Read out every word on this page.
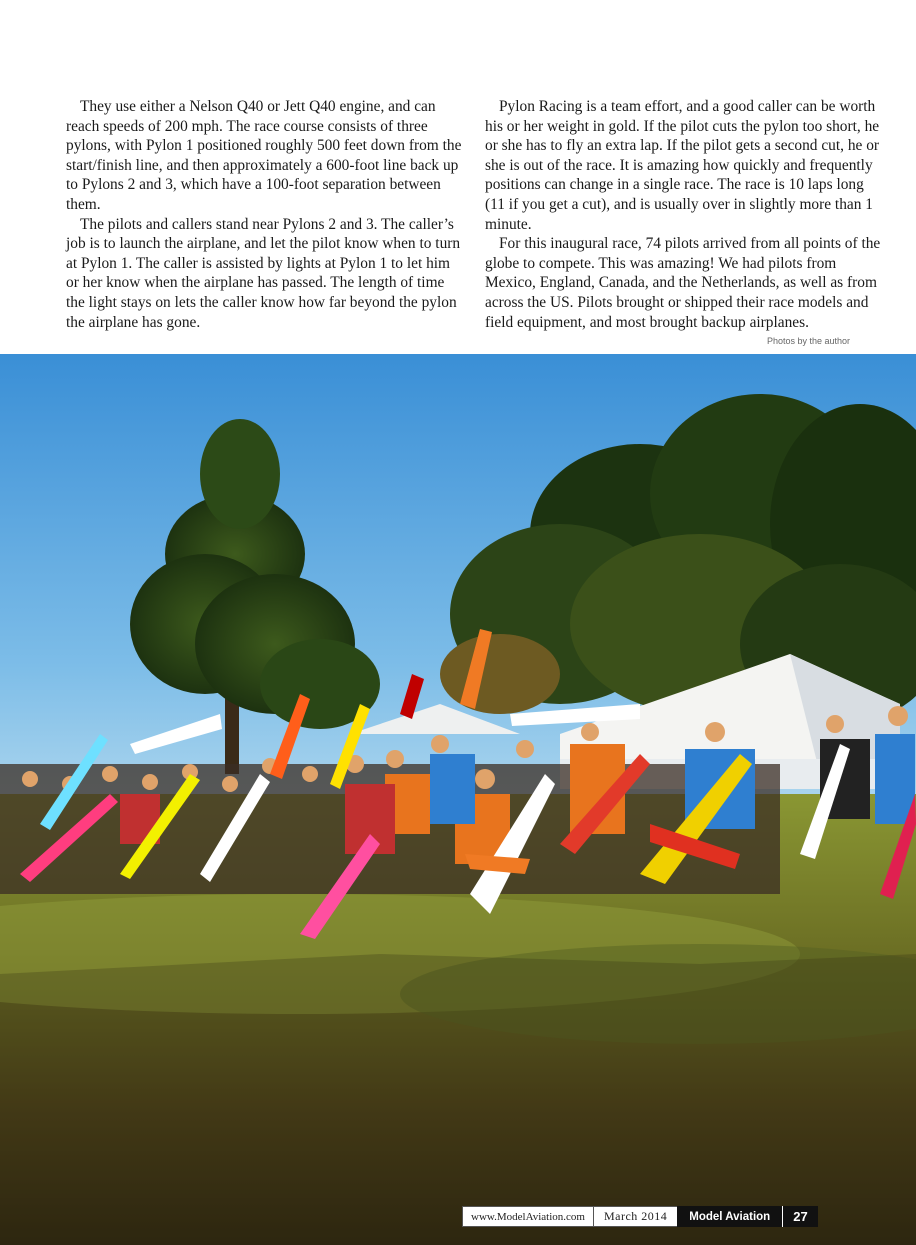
They use either a Nelson Q40 or Jett Q40 engine, and can reach speeds of 200 mph. The race course consists of three pylons, with Pylon 1 positioned roughly 500 feet down from the start/finish line, and then approximately a 600-foot line back up to Pylons 2 and 3, which have a 100-foot separation between them.

The pilots and callers stand near Pylons 2 and 3. The caller’s job is to launch the airplane, and let the pilot know when to turn at Pylon 1. The caller is assisted by lights at Pylon 1 to let him or her know when the airplane has passed. The length of time the light stays on lets the caller know how far beyond the pylon the airplane has gone.

Pylon Racing is a team effort, and a good caller can be worth his or her weight in gold. If the pilot cuts the pylon too short, he or she has to fly an extra lap. If the pilot gets a second cut, he or she is out of the race. It is amazing how quickly and frequently positions can change in a single race. The race is 10 laps long (11 if you get a cut), and is usually over in slightly more than 1 minute.

For this inaugural race, 74 pilots arrived from all points of the globe to compete. This was amazing! We had pilots from Mexico, England, Canada, and the Netherlands, as well as from across the US. Pilots brought or shipped their race models and field equipment, and most brought backup airplanes.

Photos by the author
www.ModelAviation.com	March 2014	Model Aviation	27
